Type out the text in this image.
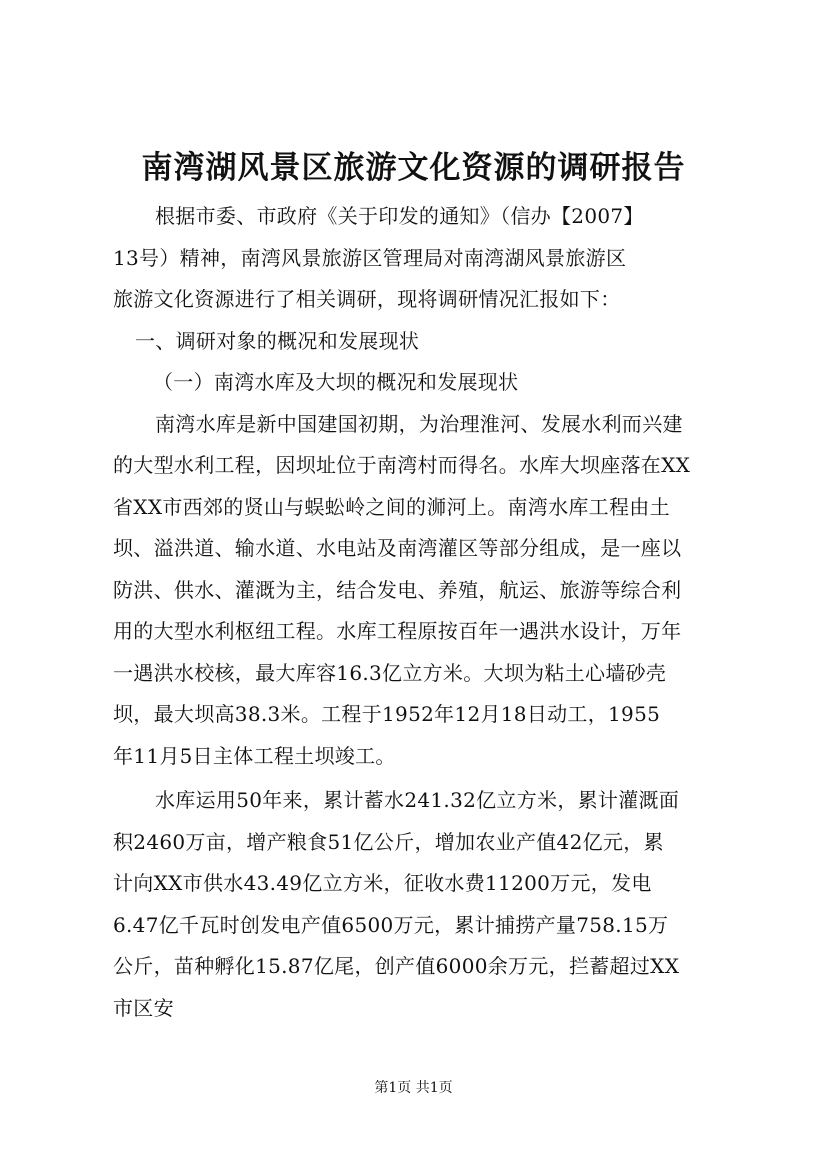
南湾湖风景区旅游文化资源的调研报告
根据市委、市政府《关于印发的通知》（信办【2007】
13号）精神，南湾风景旅游区管理局对南湾湖风景旅游区
旅游文化资源进行了相关调研，现将调研情况汇报如下：
一、调研对象的概况和发展现状
（一）南湾水库及大坝的概况和发展现状
南湾水库是新中国建国初期，为治理淮河、发展水利而兴建
的大型水利工程，因坝址位于南湾村而得名。水库大坝座落在XX
省XX市西郊的贤山与蜈蚣岭之间的浉河上。南湾水库工程由土
坝、溢洪道、输水道、水电站及南湾灌区等部分组成，是一座以
防洪、供水、灌溉为主，结合发电、养殖，航运、旅游等综合利
用的大型水利枢纽工程。水库工程原按百年一遇洪水设计，万年
一遇洪水校核，最大库容16.3亿立方米。大坝为粘土心墙砂壳
坝，最大坝高38.3米。工程于1952年12月18日动工，1955
年11月5日主体工程土坝竣工。
水库运用50年来，累计蓄水241.32亿立方米，累计灌溉面
积2460万亩，增产粮食51亿公斤，增加农业产值42亿元，累
计向XX市供水43.49亿立方米，征收水费11200万元，发电
6.47亿千瓦时创发电产值6500万元，累计捕捞产量758.15万
公斤，苗种孵化15.87亿尾，创产值6000余万元，拦蓄超过XX
市区安
第1页 共1页
